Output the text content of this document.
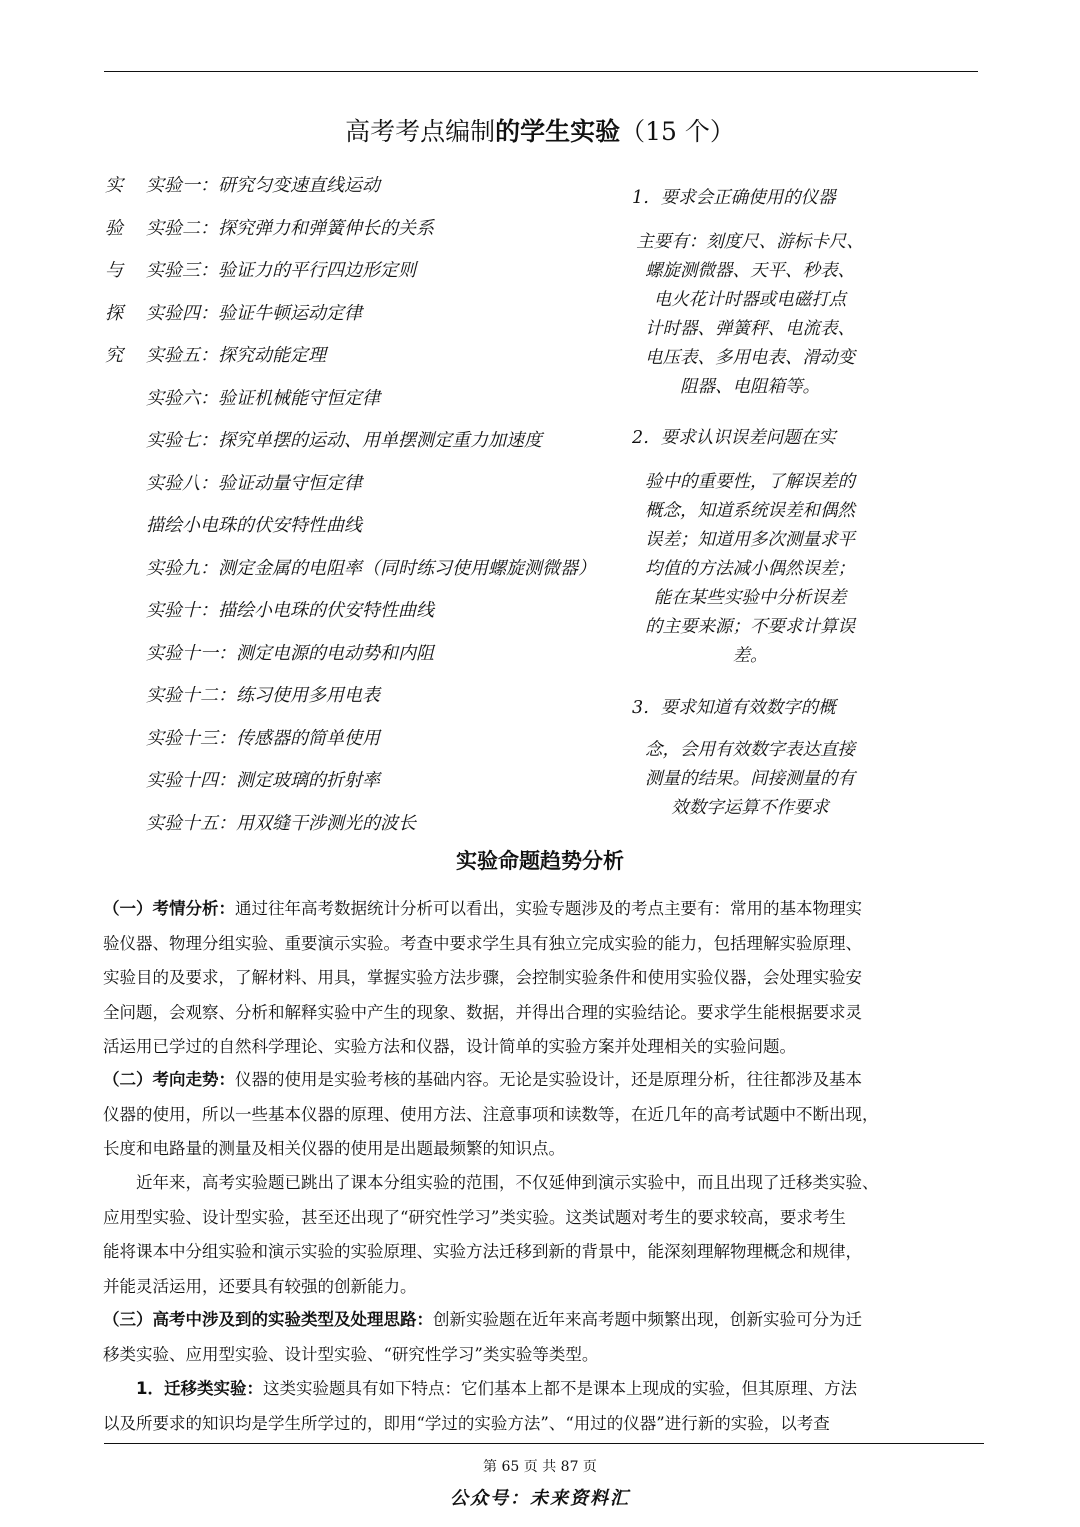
高考考点编制的学生实验（15 个）
实
验
与
探
究
实验一：研究匀变速直线运动
实验二：探究弹力和弹簧伸长的关系
实验三：验证力的平行四边形定则
实验四：验证牛顿运动定律
实验五：探究动能定理
实验六：验证机械能守恒定律
实验七：探究单摆的运动、用单摆测定重力加速度
实验八：验证动量守恒定律
描绘小电珠的伏安特性曲线
实验九：测定金属的电阻率（同时练习使用螺旋测微器）
实验十：描绘小电珠的伏安特性曲线
实验十一：测定电源的电动势和内阻
实验十二：练习使用多用电表
实验十三：传感器的简单使用
实验十四：测定玻璃的折射率
实验十五：用双缝干涉测光的波长
1．要求会正确使用的仪器
主要有：刻度尺、游标卡尺、
螺旋测微器、天平、秒表、
电火花计时器或电磁打点
计时器、弹簧秤、电流表、
电压表、多用电表、滑动变
阻器、电阻箱等。
2．要求认识误差问题在实
验中的重要性，了解误差的
概念，知道系统误差和偶然
误差；知道用多次测量求平
均值的方法减小偶然误差；
能在某些实验中分析误差
的主要来源；不要求计算误
差。
3．要求知道有效数字的概
念，会用有效数字表达直接
测量的结果。间接测量的有
效数字运算不作要求
实验命题趋势分析
（一）考情分析：通过往年高考数据统计分析可以看出，实验专题涉及的考点主要有：常用的基本物理实
验仪器、物理分组实验、重要演示实验。考查中要求学生具有独立完成实验的能力，包括理解实验原理、
实验目的及要求，了解材料、用具，掌握实验方法步骤，会控制实验条件和使用实验仪器，会处理实验安
全问题，会观察、分析和解释实验中产生的现象、数据，并得出合理的实验结论。要求学生能根据要求灵
活运用已学过的自然科学理论、实验方法和仪器，设计简单的实验方案并处理相关的实验问题。
（二）考向走势：仪器的使用是实验考核的基础内容。无论是实验设计，还是原理分析，往往都涉及基本
仪器的使用，所以一些基本仪器的原理、使用方法、注意事项和读数等，在近几年的高考试题中不断出现，
长度和电路量的测量及相关仪器的使用是出题最频繁的知识点。
近年来，高考实验题已跳出了课本分组实验的范围，不仅延伸到演示实验中，而且出现了迁移类实验、
应用型实验、设计型实验，甚至还出现了“研究性学习”类实验。这类试题对考生的要求较高，要求考生
能将课本中分组实验和演示实验的实验原理、实验方法迁移到新的背景中，能深刻理解物理概念和规律，
并能灵活运用，还要具有较强的创新能力。
（三）高考中涉及到的实验类型及处理思路：创新实验题在近年来高考题中频繁出现，创新实验可分为迁
移类实验、应用型实验、设计型实验、“研究性学习”类实验等类型。
1．迁移类实验：这类实验题具有如下特点：它们基本上都不是课本上现成的实验，但其原理、方法
以及所要求的知识均是学生所学过的，即用“学过的实验方法”、“用过的仪器”进行新的实验，以考查
第 65 页 共 87 页
公众号：未来资料汇
